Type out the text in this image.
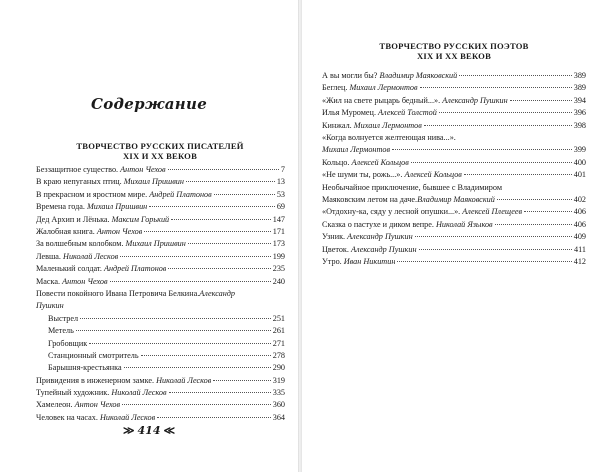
Содержание
ТВОРЧЕСТВО РУССКИХ ПИСАТЕЛЕЙ
XIX И XX ВЕКОВ
Беззащитное существо. Антон Чехов	7
В краю непуганых птиц. Михаил Пришвин	13
В прекрасном и яростном мире. Андрей Платонов	53
Времена года. Михаил Пришвин	69
Дед Архип и Лёнька. Максим Горький	147
Жалобная книга. Антон Чехов	171
За волшебным колобком. Михаил Пришвин	173
Левша. Николай Лесков	199
Маленький солдат. Андрей Платонов	235
Маска. Антон Чехов	240
Повести покойного Ивана Петровича Белкина. Александр
Пушкин
Выстрел	251
Метель	261
Гробовщик	271
Станционный смотритель	278
Барышня-крестьянка	290
Привидения в инженерном замке. Николай Лесков	319
Тупейный художник. Николай Лесков	335
Хамелеон. Антон Чехов	360
Человек на часах. Николай Лесков	364
≫ 414 ≪
ТВОРЧЕСТВО РУССКИХ ПОЭТОВ
XIX И XX ВЕКОВ
А вы могли бы? Владимир Маяковский	389
Беглец. Михаил Лермонтов	389
«Жил на свете рыцарь бедный...». Александр Пушкин	394
Илья Муромец. Алексей Толстой	396
Кинжал. Михаил Лермонтов	398
«Когда волнуется желтеющая нива...».
Михаил Лермонтов	399
Кольцо. Алексей Кольцов	400
«Не шуми ты, рожь...». Алексей Кольцов	401
Необычайное приключение, бывшее с Владимиром
Маяковским летом на даче. Владимир Маяковский	402
«Отдохну-ка, сяду у лесной опушки...». Алексей Плещеев	406
Сказка о пастухе и диком вепре. Николай Языков	406
Узник. Александр Пушкин	409
Цветок. Александр Пушкин	411
Утро. Иван Никитин	412
